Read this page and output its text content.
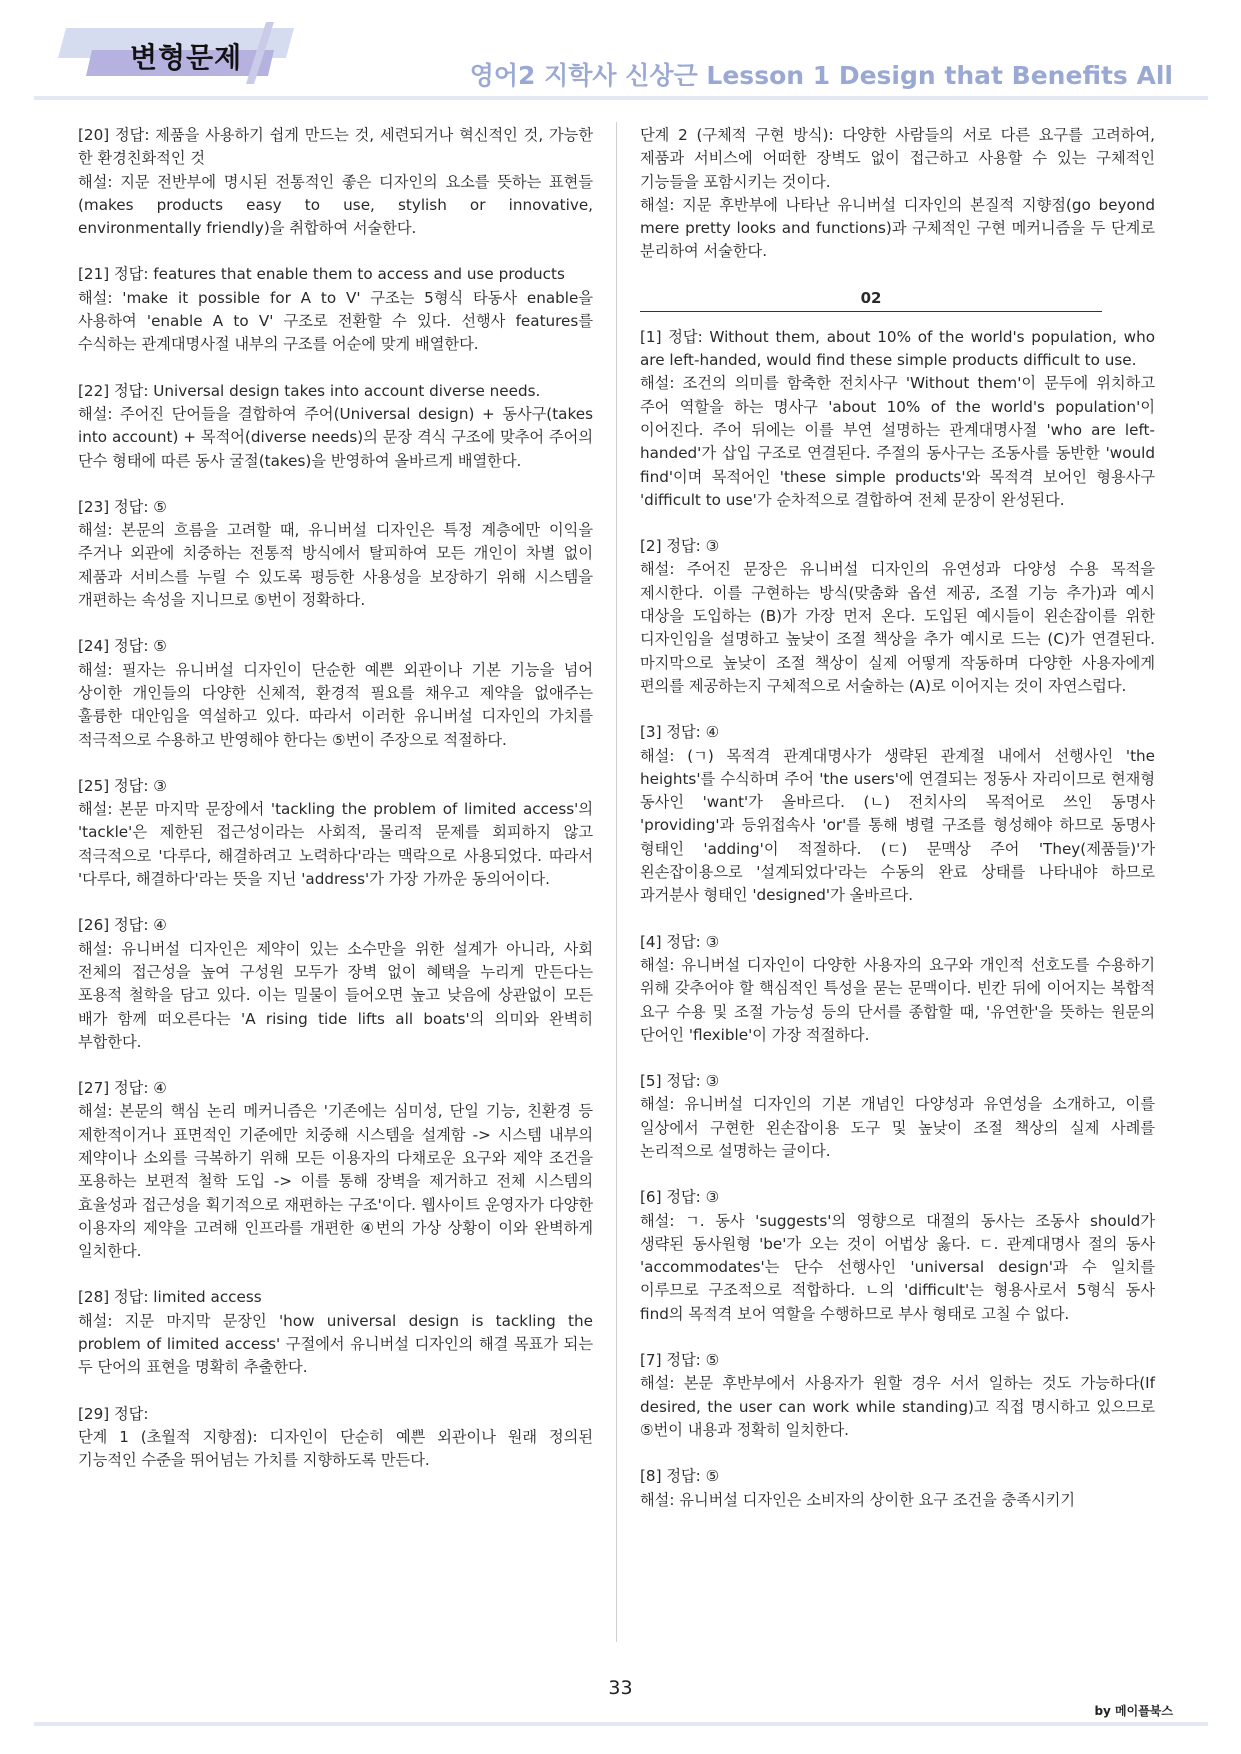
변형문제
영어2 지학사 신상근 Lesson 1 Design that Benefits All

[20] 정답: 제품을 사용하기 쉽게 만드는 것, 세련되거나 혁신적인 것, 가능한 한 환경친화적인 것

해설: 지문 전반부에 명시된 전통적인 좋은 디자인의 요소를 뜻하는 표현들(makes products easy to use, stylish or innovative, environmentally friendly)을 취합하여 서술한다.

[21] 정답: features that enable them to access and use products

해설: 'make it possible for A to V' 구조는 5형식 타동사 enable을 사용하여 'enable A to V' 구조로 전환할 수 있다. 선행사 features를 수식하는 관계대명사절 내부의 구조를 어순에 맞게 배열한다.

[22] 정답: Universal design takes into account diverse needs.

해설: 주어진 단어들을 결합하여 주어(Universal design) + 동사구(takes into account) + 목적어(diverse needs)의 문장 격식 구조에 맞추어 주어의 단수 형태에 따른 동사 굴절(takes)을 반영하여 올바르게 배열한다.

[23] 정답: ⑤

해설: 본문의 흐름을 고려할 때, 유니버설 디자인은 특정 계층에만 이익을 주거나 외관에 치중하는 전통적 방식에서 탈피하여 모든 개인이 차별 없이 제품과 서비스를 누릴 수 있도록 평등한 사용성을 보장하기 위해 시스템을 개편하는 속성을 지니므로 ⑤번이 정확하다.

[24] 정답: ⑤

해설: 필자는 유니버설 디자인이 단순한 예쁜 외관이나 기본 기능을 넘어 상이한 개인들의 다양한 신체적, 환경적 필요를 채우고 제약을 없애주는 훌륭한 대안임을 역설하고 있다. 따라서 이러한 유니버설 디자인의 가치를 적극적으로 수용하고 반영해야 한다는 ⑤번이 주장으로 적절하다.

[25] 정답: ③

해설: 본문 마지막 문장에서 'tackling the problem of limited access'의 'tackle'은 제한된 접근성이라는 사회적, 물리적 문제를 회피하지 않고 적극적으로 '다루다, 해결하려고 노력하다'라는 맥락으로 사용되었다. 따라서 '다루다, 해결하다'라는 뜻을 지닌 'address'가 가장 가까운 동의어이다.

[26] 정답: ④

해설: 유니버설 디자인은 제약이 있는 소수만을 위한 설계가 아니라, 사회 전체의 접근성을 높여 구성원 모두가 장벽 없이 혜택을 누리게 만든다는 포용적 철학을 담고 있다. 이는 밀물이 들어오면 높고 낮음에 상관없이 모든 배가 함께 떠오른다는 'A rising tide lifts all boats'의 의미와 완벽히 부합한다.

[27] 정답: ④

해설: 본문의 핵심 논리 메커니즘은 '기존에는 심미성, 단일 기능, 친환경 등 제한적이거나 표면적인 기준에만 치중해 시스템을 설계함 -> 시스템 내부의 제약이나 소외를 극복하기 위해 모든 이용자의 다채로운 요구와 제약 조건을 포용하는 보편적 철학 도입 -> 이를 통해 장벽을 제거하고 전체 시스템의 효율성과 접근성을 획기적으로 재편하는 구조'이다. 웹사이트 운영자가 다양한 이용자의 제약을 고려해 인프라를 개편한 ④번의 가상 상황이 이와 완벽하게 일치한다.

[28] 정답: limited access

해설: 지문 마지막 문장인 'how universal design is tackling the problem of limited access' 구절에서 유니버설 디자인의 해결 목표가 되는 두 단어의 표현을 명확히 추출한다.

[29] 정답:

단계 1 (초월적 지향점): 디자인이 단순히 예쁜 외관이나 원래 정의된 기능적인 수준을 뛰어넘는 가치를 지향하도록 만든다.

단계 2 (구체적 구현 방식): 다양한 사람들의 서로 다른 요구를 고려하여, 제품과 서비스에 어떠한 장벽도 없이 접근하고 사용할 수 있는 구체적인 기능들을 포함시키는 것이다.

해설: 지문 후반부에 나타난 유니버설 디자인의 본질적 지향점(go beyond mere pretty looks and functions)과 구체적인 구현 메커니즘을 두 단계로 분리하여 서술한다.

02

[1] 정답: Without them, about 10% of the world's population, who are left-handed, would find these simple products difficult to use.

해설: 조건의 의미를 함축한 전치사구 'Without them'이 문두에 위치하고 주어 역할을 하는 명사구 'about 10% of the world's population'이 이어진다. 주어 뒤에는 이를 부연 설명하는 관계대명사절 'who are left-handed'가 삽입 구조로 연결된다. 주절의 동사구는 조동사를 동반한 'would find'이며 목적어인 'these simple products'와 목적격 보어인 형용사구 'difficult to use'가 순차적으로 결합하여 전체 문장이 완성된다.

[2] 정답: ③

해설: 주어진 문장은 유니버설 디자인의 유연성과 다양성 수용 목적을 제시한다. 이를 구현하는 방식(맞춤화 옵션 제공, 조절 기능 추가)과 예시 대상을 도입하는 (B)가 가장 먼저 온다. 도입된 예시들이 왼손잡이를 위한 디자인임을 설명하고 높낮이 조절 책상을 추가 예시로 드는 (C)가 연결된다. 마지막으로 높낮이 조절 책상이 실제 어떻게 작동하며 다양한 사용자에게 편의를 제공하는지 구체적으로 서술하는 (A)로 이어지는 것이 자연스럽다.

[3] 정답: ④

해설: (ㄱ) 목적격 관계대명사가 생략된 관계절 내에서 선행사인 'the heights'를 수식하며 주어 'the users'에 연결되는 정동사 자리이므로 현재형 동사인 'want'가 올바르다. (ㄴ) 전치사의 목적어로 쓰인 동명사 'providing'과 등위접속사 'or'를 통해 병렬 구조를 형성해야 하므로 동명사 형태인 'adding'이 적절하다. (ㄷ) 문맥상 주어 'They(제품들)'가 왼손잡이용으로 '설계되었다'라는 수동의 완료 상태를 나타내야 하므로 과거분사 형태인 'designed'가 올바르다.

[4] 정답: ③

해설: 유니버설 디자인이 다양한 사용자의 요구와 개인적 선호도를 수용하기 위해 갖추어야 할 핵심적인 특성을 묻는 문맥이다. 빈칸 뒤에 이어지는 복합적 요구 수용 및 조절 가능성 등의 단서를 종합할 때, '유연한'을 뜻하는 원문의 단어인 'flexible'이 가장 적절하다.

[5] 정답: ③

해설: 유니버설 디자인의 기본 개념인 다양성과 유연성을 소개하고, 이를 일상에서 구현한 왼손잡이용 도구 및 높낮이 조절 책상의 실제 사례를 논리적으로 설명하는 글이다.

[6] 정답: ③

해설: ㄱ. 동사 'suggests'의 영향으로 대절의 동사는 조동사 should가 생략된 동사원형 'be'가 오는 것이 어법상 옳다. ㄷ. 관계대명사 절의 동사 'accommodates'는 단수 선행사인 'universal design'과 수 일치를 이루므로 구조적으로 적합하다. ㄴ의 'difficult'는 형용사로서 5형식 동사 find의 목적격 보어 역할을 수행하므로 부사 형태로 고칠 수 없다.

[7] 정답: ⑤

해설: 본문 후반부에서 사용자가 원할 경우 서서 일하는 것도 가능하다(If desired, the user can work while standing)고 직접 명시하고 있으므로 ⑤번이 내용과 정확히 일치한다.

[8] 정답: ⑤

해설: 유니버설 디자인은 소비자의 상이한 요구 조건을 충족시키기

33
by 메이플북스
